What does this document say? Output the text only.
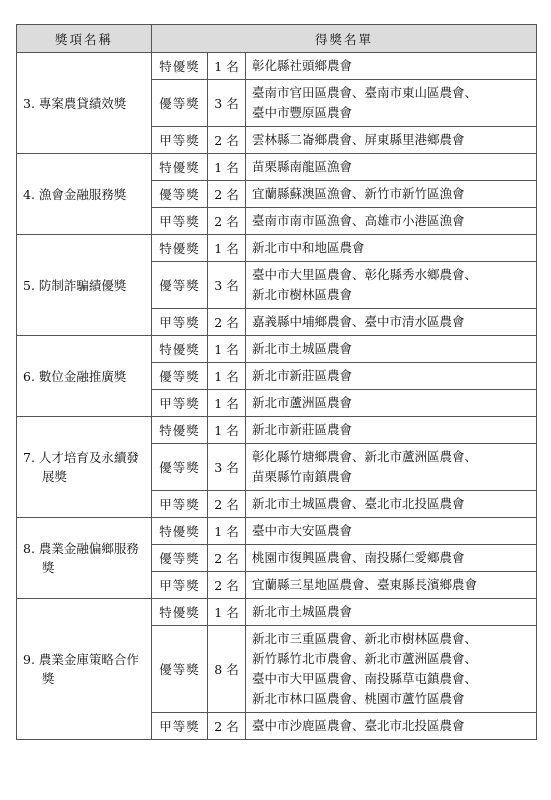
獎項名稱	得獎名單		

3. 專案農貸績效獎	特優獎	1 名	彰化縣社頭鄉農會

	優等獎	3 名	臺南市官田區農會、臺南市東山區農會、
臺中市豐原區農會

	甲等獎	2 名	雲林縣二崙鄉農會、屏東縣里港鄉農會

4. 漁會金融服務獎	特優獎	1 名	苗栗縣南龍區漁會

	優等獎	2 名	宜蘭縣蘇澳區漁會、新竹市新竹區漁會

	甲等獎	2 名	臺南市南市區漁會、高雄市小港區漁會

5. 防制詐騙績優獎	特優獎	1 名	新北市中和地區農會

	優等獎	3 名	臺中市大里區農會、彰化縣秀水鄉農會、
新北市樹林區農會

	甲等獎	2 名	嘉義縣中埔鄉農會、臺中市清水區農會

6. 數位金融推廣獎	特優獎	1 名	新北市土城區農會

	優等獎	1 名	新北市新莊區農會

	甲等獎	1 名	新北市蘆洲區農會

7. 人才培育及永續發展獎	特優獎	1 名	新北市新莊區農會

	優等獎	3 名	彰化縣竹塘鄉農會、新北市蘆洲區農會、
苗栗縣竹南鎮農會

	甲等獎	2 名	新北市土城區農會、臺北市北投區農會

8. 農業金融偏鄉服務獎	特優獎	1 名	臺中市大安區農會

	優等獎	2 名	桃園市復興區農會、南投縣仁愛鄉農會

	甲等獎	2 名	宜蘭縣三星地區農會、臺東縣長濱鄉農會

9. 農業金庫策略合作獎	特優獎	1 名	新北市土城區農會

	優等獎	8 名	新北市三重區農會、新北市樹林區農會、
新竹縣竹北市農會、新北市蘆洲區農會、
臺中市大甲區農會、南投縣草屯鎮農會、
新北市林口區農會、桃園市蘆竹區農會

	甲等獎	2 名	臺中市沙鹿區農會、臺北市北投區農會
